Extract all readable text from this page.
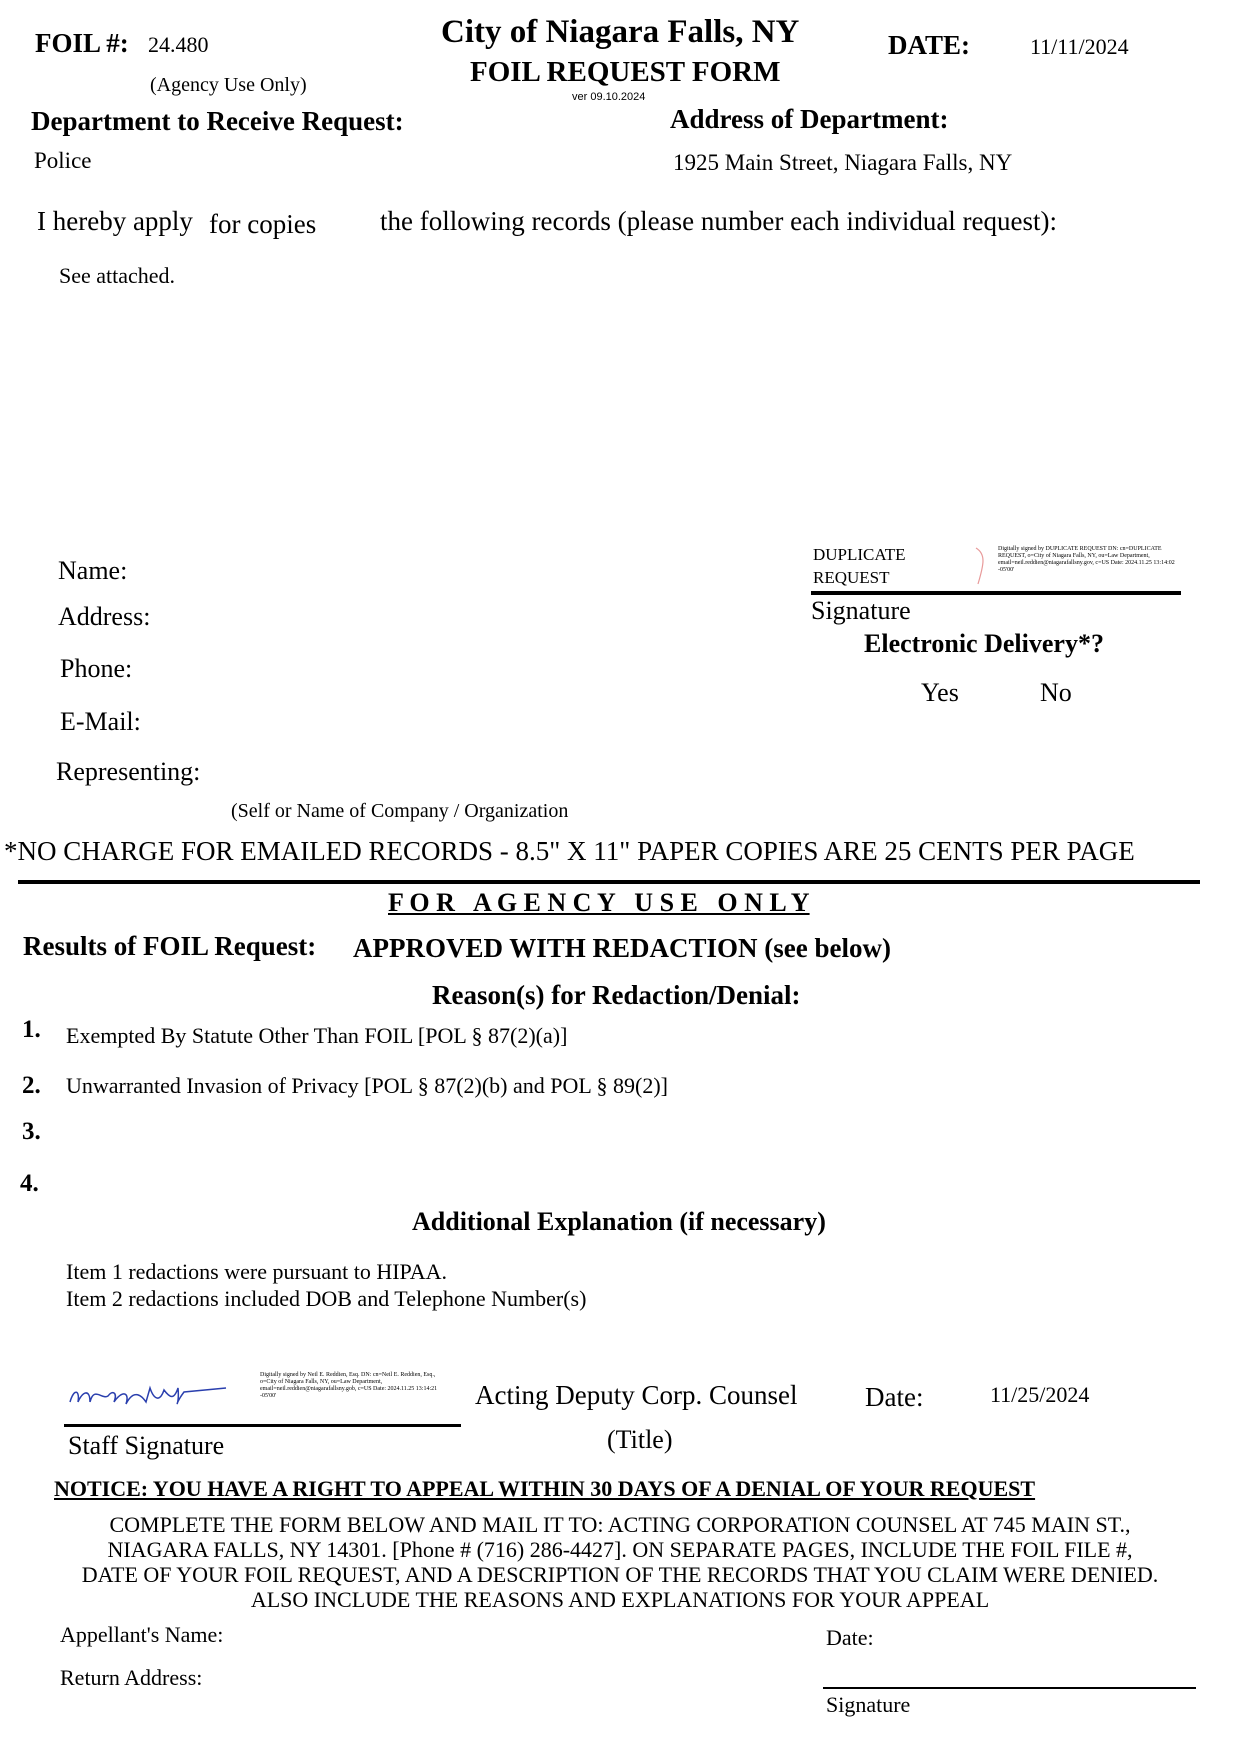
FOIL #: 24.480
(Agency Use Only)
City of Niagara Falls, NY
FOIL REQUEST FORM
ver 09.10.2024
DATE:	11/11/2024
Department to Receive Request:
Police
Address of Department:
1925 Main Street, Niagara Falls, NY
I hereby apply for copies the following records (please number each individual request):
See attached.
Name:
Address:
Phone:
E-Mail:
Representing:
(Self or Name of Company / Organization
DUPLICATE
REQUEST
Digitally signed by DUPLICATE REQUEST DN: cn=DUPLICATE REQUEST, o=City of Niagara Falls, NY, ou=Law Department, email=neil.reddien@niagarafallsny.gov, c=US Date: 2024.11.25 13:14:02 -05'00'
Signature
Electronic Delivery*?
Yes	No
*NO CHARGE FOR EMAILED RECORDS - 8.5" X 11" PAPER COPIES ARE 25 CENTS PER PAGE
F O R   A G E N C Y   U S E   O N L Y
Results of FOIL Request: APPROVED WITH REDACTION (see below)
Reason(s) for Redaction/Denial:
1. Exempted By Statute Other Than FOIL [POL § 87(2)(a)]
2. Unwarranted Invasion of Privacy [POL § 87(2)(b) and POL § 89(2)]
3.
4.
Additional Explanation (if necessary)
Item 1 redactions were pursuant to HIPAA.
Item 2 redactions included DOB and Telephone Number(s)
Digitally signed by Neil E. Reddien, Esq. DN: cn=Neil E. Reddien, Esq., o=City of Niagara Falls, NY, ou=Law Department, email=neil.reddien@niagarafallsny.gob, c=US Date: 2024.11.25 13:14:21 -05'00'
Staff Signature
Acting Deputy Corp. Counsel
(Title)
Date:	11/25/2024
NOTICE: YOU HAVE A RIGHT TO APPEAL WITHIN 30 DAYS OF A DENIAL OF YOUR REQUEST
COMPLETE THE FORM BELOW AND MAIL IT TO: ACTING CORPORATION COUNSEL AT 745 MAIN ST.,
NIAGARA FALLS, NY 14301. [Phone # (716) 286-4427]. ON SEPARATE PAGES, INCLUDE THE FOIL FILE #,
DATE OF YOUR FOIL REQUEST, AND A DESCRIPTION OF THE RECORDS THAT YOU CLAIM WERE DENIED.
ALSO INCLUDE THE REASONS AND EXPLANATIONS FOR YOUR APPEAL
Appellant's Name:
Return Address:
Date:
Signature
